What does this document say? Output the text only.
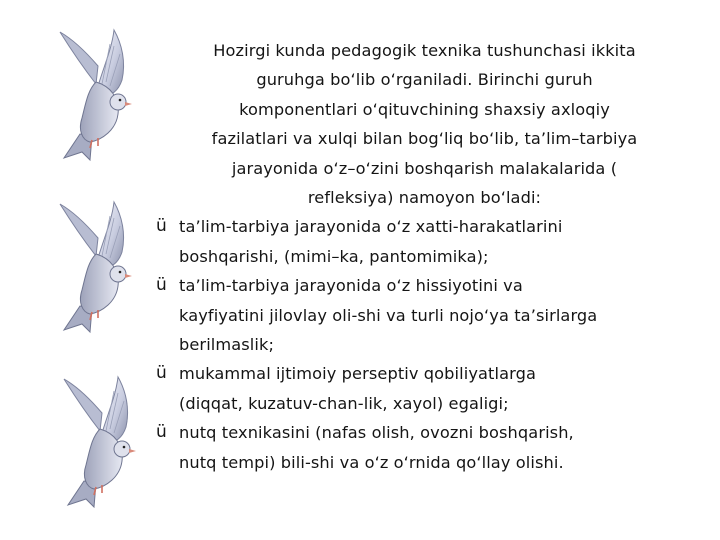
Hozirgi kunda pedagogik texnika tushunchasi ikkita
guruhga bo‘lib o‘rganiladi. Birinchi guruh
komponentlari o‘qituvchining shaxsiy axloqiy
fazilatlari va xulqi bilan bog‘liq bo‘lib, ta’lim–tarbiya
jarayonida o‘z–o‘zini boshqarish malakalarida (
refleksiya) namoyon bo‘ladi:

ü ta’lim-tarbiya jarayonida o‘z xatti-harakatlarini
boshqarishi, (mimi–ka, pantomimika);
ü ta’lim-tarbiya jarayonida o‘z hissiyotini va
kayfiyatini jilovlay oli-shi va turli nojo‘ya ta’sirlarga
berilmaslik;
ü mukammal ijtimoiy perseptiv qobiliyatlarga
(diqqat, kuzatuv-chan-lik, xayol) egaligi;
ü nutq texnikasini (nafas olish, ovozni boshqarish,
nutq tempi) bili-shi va o‘z o‘rnida qo‘llay olishi.
